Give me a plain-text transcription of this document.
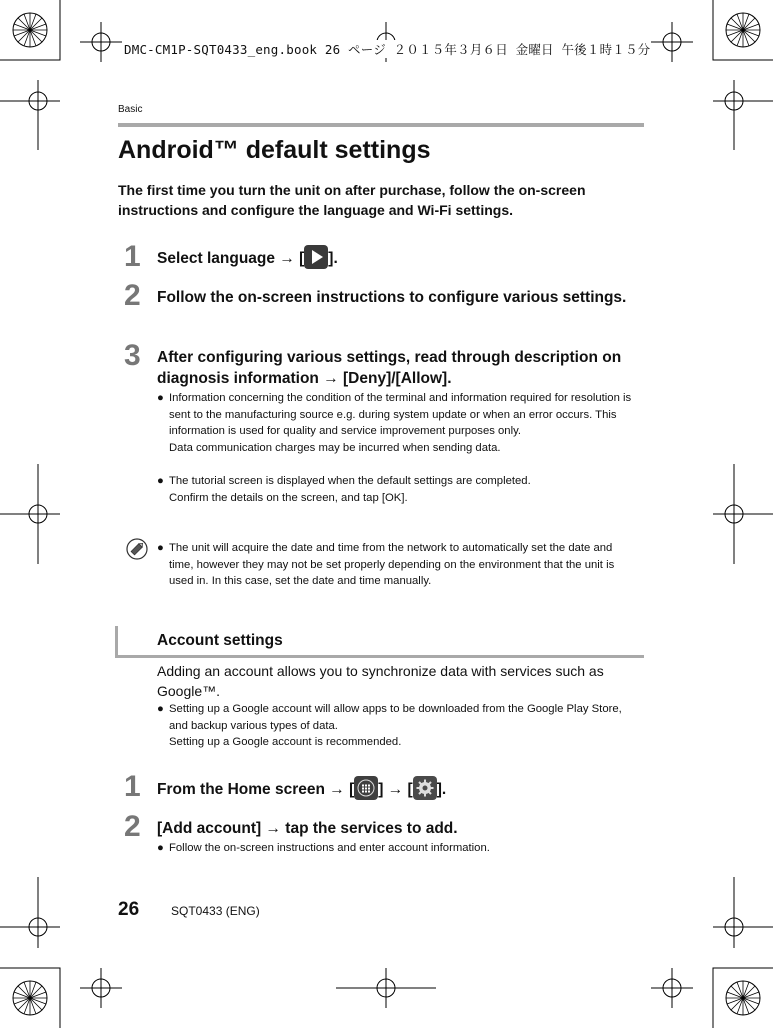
DMC-CM1P-SQT0433_eng.book 26 ページ ２０１５年３月６日 金曜日 午後１時１５分
Basic
Android™ default settings
The first time you turn the unit on after purchase, follow the on-screen instructions and configure the language and Wi-Fi settings.
1 Select language → [ ].
2 Follow the on-screen instructions to configure various settings.
3 After configuring various settings, read through description on diagnosis information → [Deny]/[Allow].
● Information concerning the condition of the terminal and information required for resolution is sent to the manufacturing source e.g. during system update or when an error occurs. This information is used for quality and service improvement purposes only.
Data communication charges may be incurred when sending data.
● The tutorial screen is displayed when the default settings are completed.
Confirm the details on the screen, and tap [OK].
● The unit will acquire the date and time from the network to automatically set the date and time, however they may not be set properly depending on the environment that the unit is used in. In this case, set the date and time manually.
Account settings
Adding an account allows you to synchronize data with services such as Google™.
● Setting up a Google account will allow apps to be downloaded from the Google Play Store, and backup various types of data.
Setting up a Google account is recommended.
1 From the Home screen → [ ] → [ ].
2 [Add account] → tap the services to add.
● Follow the on-screen instructions and enter account information.
26	SQT0433 (ENG)
